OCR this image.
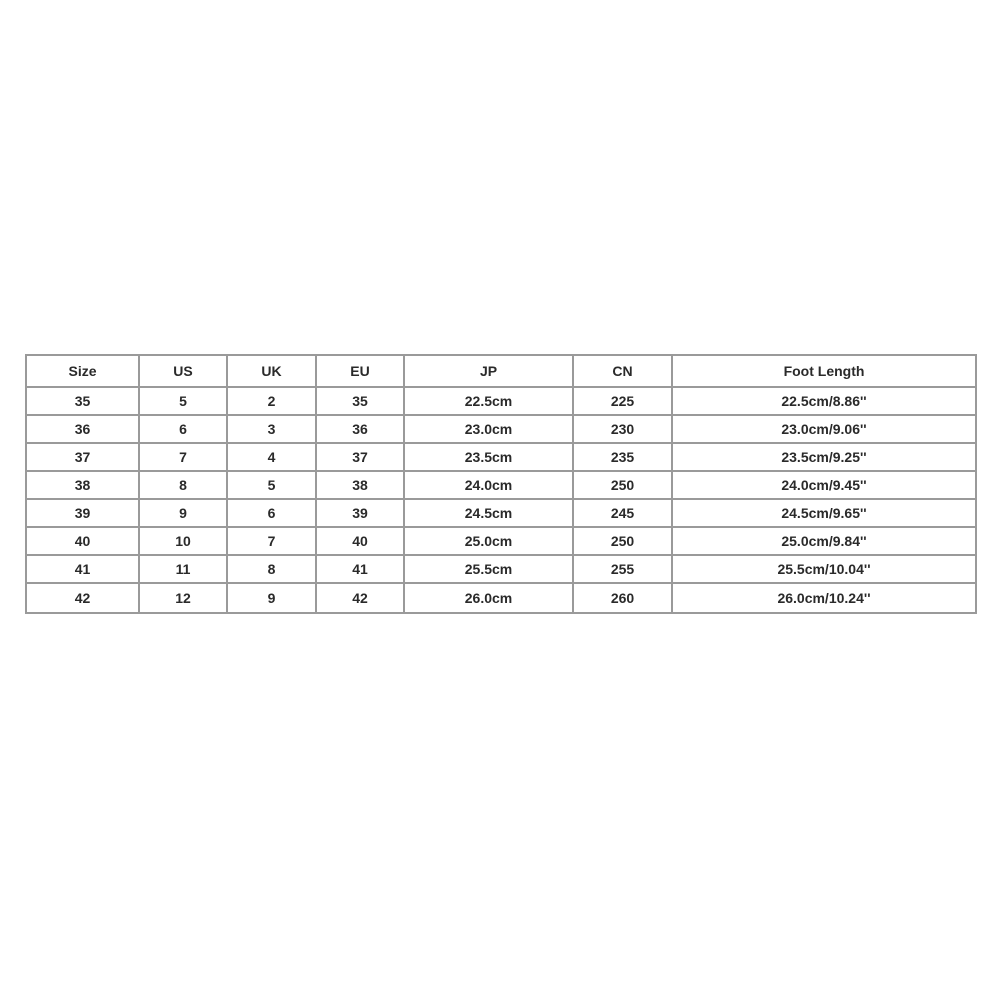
Size	US	UK	EU	JP	CN	Foot Length
35	5	2	35	22.5cm	225	22.5cm/8.86''
36	6	3	36	23.0cm	230	23.0cm/9.06''
37	7	4	37	23.5cm	235	23.5cm/9.25''
38	8	5	38	24.0cm	250	24.0cm/9.45''
39	9	6	39	24.5cm	245	24.5cm/9.65''
40	10	7	40	25.0cm	250	25.0cm/9.84''
41	11	8	41	25.5cm	255	25.5cm/10.04''
42	12	9	42	26.0cm	260	26.0cm/10.24''
